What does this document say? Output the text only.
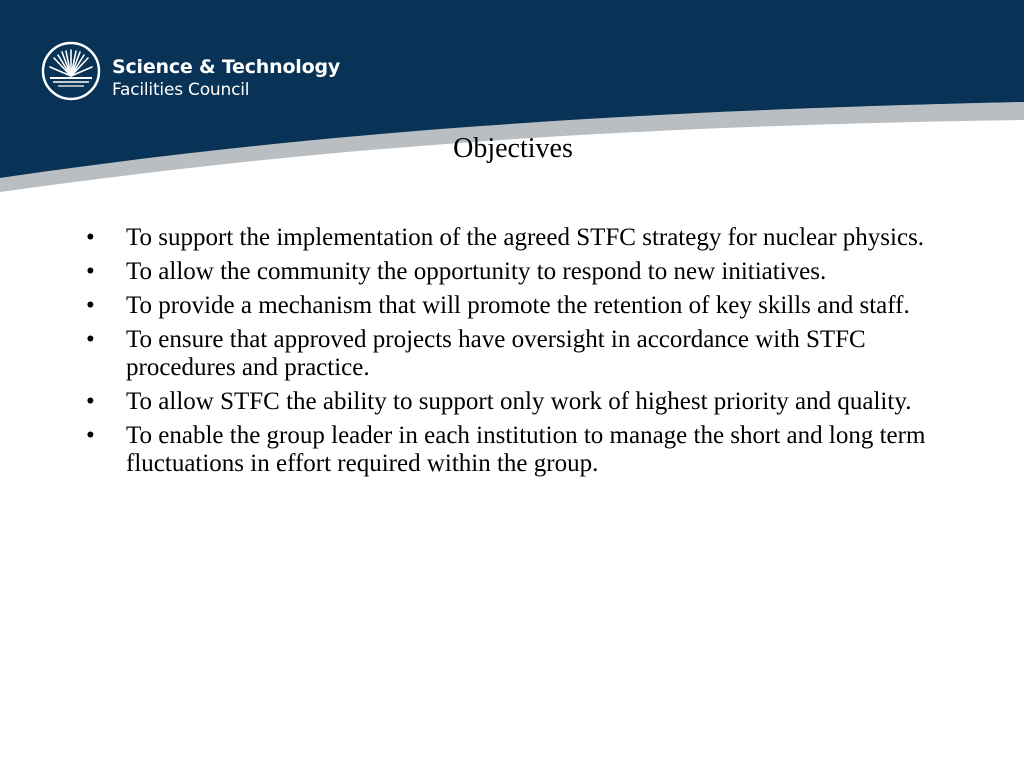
Science & Technology
Facilities Council
Objectives
• To support the implementation of the agreed STFC strategy for nuclear physics.
• To allow the community the opportunity to respond to new initiatives.
• To provide a mechanism that will promote the retention of key skills and staff.
• To ensure that approved projects have oversight in accordance with STFC procedures and practice.
• To allow STFC the ability to support only work of highest priority and quality.
• To enable the group leader in each institution to manage the short and long term fluctuations in effort required within the group.
